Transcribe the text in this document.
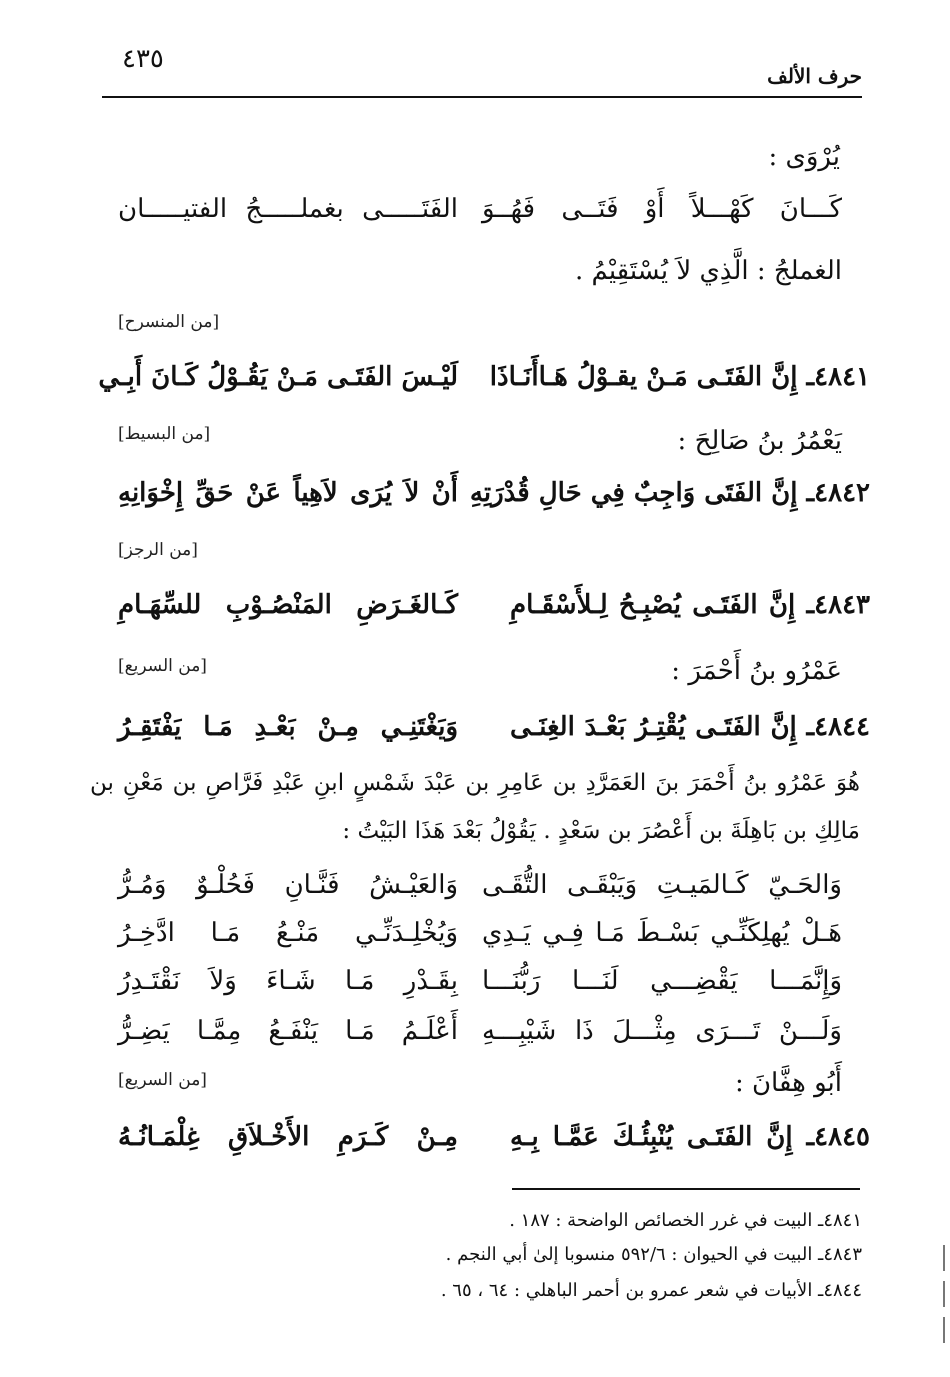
حرف الألف
٤٣٥
يُرْوَى :
كَـــانَ كَهْـــلاً أَوْ فَتَــى فَهُــوَ
الفَتَـــــى بغملـــــجُ الفتيـــــان
الغملجُ : الَّذِي لاَ يُسْتَقِيْمُ .
[من المنسرح]
٤٨٤١ـ إِنَّ الفَتَـى مَـنْ يقـوْلُ هَـاأَنَـاذَا
لَيْـسَ الفَتَـى مَـنْ يَقُـوْلُ كَـانَ أَبِـي
[من البسيط]	يَعْمُرُ بنُ صَالِحَ :
٤٨٤٢ـ إِنَّ الفَتَى وَاجِبٌ فِي حَالِ قُدْرَتِهِ
أَنْ لاَ يُرَى لاَهِياً عَنْ حَقِّ إِخْوَانِهِ
[من الرجز]
٤٨٤٣ـ إِنَّ الفَتَـى يُصْبِـحُ لِـلأَسْقَـامِ
كَـالغَـرَضِ المَنْصُـوْبِ للسِّهَـامِ
[من السريع]	عَمْرُو بنُ أَحْمَرَ :
٤٨٤٤ـ إِنَّ الفَتَـى يُقْتِـرُ بَعْـدَ الغِنَـى
وَيَغْتَنِـي مِـنْ بَعْـدِ مَـا يَفْتَقِـرُ
هُوَ عَمْرُو بنُ أَحْمَرَ بنَ العَمَرَّدِ بن عَامِرِ بن عَبْدَ شَمْسٍ ابنِ عَبْدِ فَرَّاصِ بن مَعْنِ بن
مَالِكِ بن بَاهِلَةَ بن أَعْصُرَ بن سَعْدٍ . يَقُوْلُ بَعْدَ هَذَا البَيْتُ :
وَالحَـيّ كَـالمَيـتِ وَيَبْقَـى التُّقَـى
وَالعَيْـشُ فَنَّـانِ فَحُلْـوٌ وَمُـرُّ
هَـلْ يُهلِكَنِّـي بَسْـطَ مَـا فِـي يَـدِي
وَيُخْلِـدَنِّـي مَنْـعُ مَـا ادَّخِـرُ
وَإِنَّمَـــا يَقْضِـــي لَنَـــا رَبُّنَـــا
بِقَـدْرِ مَـا شَـاءَ وَلاَ نَقْتَـدِرُ
وَلَـــنْ تَـــرَى مِثْـــلَ ذَا شَيْبِـــهِ
أَعْلَـمُ مَـا يَنْفَـعُ مِمَّـا يَضِـرُّ
[من السريع]	أَبُو هِفَّانَ :
٤٨٤٥ـ إِنَّ الفَتَـى يُنْبِئُـكَ عَمَّـا بِـهِ
مِـنْ كَـرَمِ الأَخْـلاَقِ غِلْمَـانُـهُ
٤٨٤١ـ البيت في غرر الخصائص الواضحة : ١٨٧ .
٤٨٤٣ـ البيت في الحيوان : ٥٩٢/٦ منسوبا إلىٰ أبي النجم .
٤٨٤٤ـ الأبيات في شعر عمرو بن أحمر الباهلي : ٦٤ ، ٦٥ .
